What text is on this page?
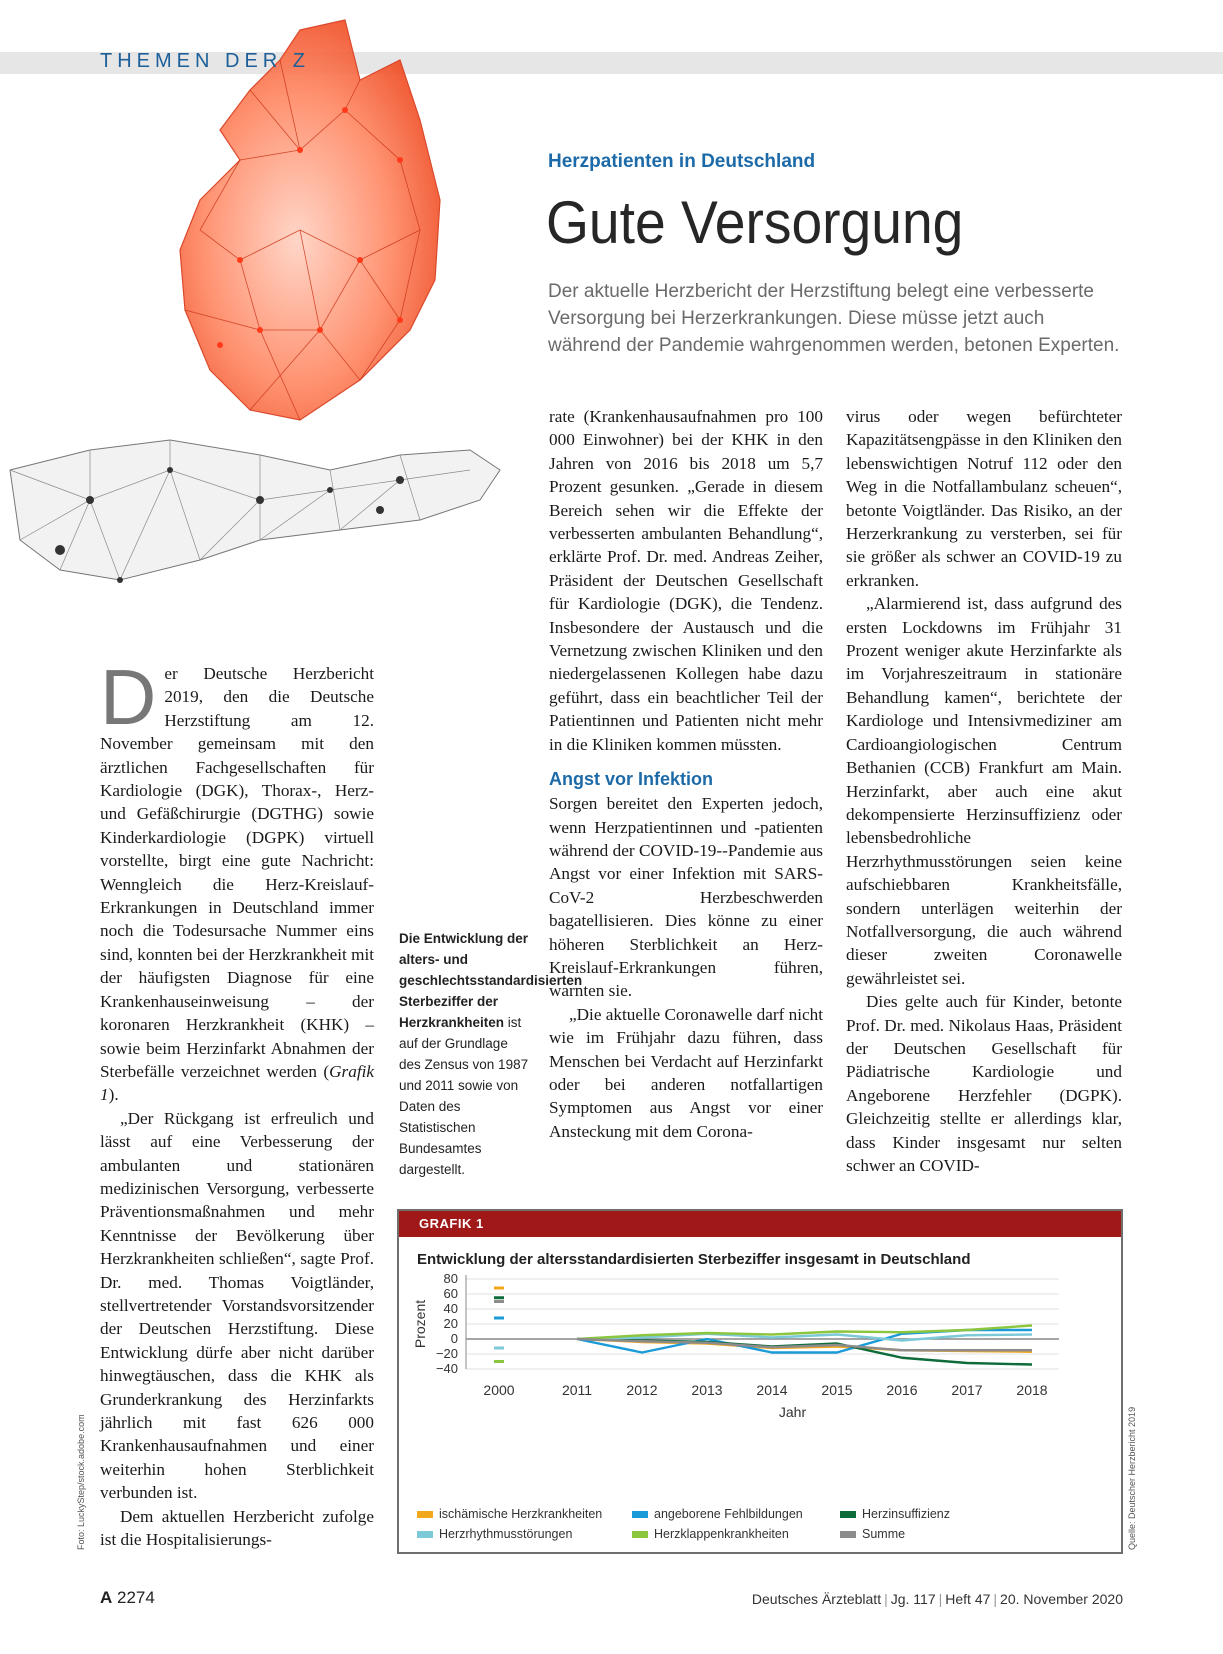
THEMEN DER Z
Herzpatienten in Deutschland
Gute Versorgung
Der aktuelle Herzbericht der Herzstiftung belegt eine verbesserte
Versorgung bei Herzerkrankungen. Diese müsse jetzt auch
während der Pandemie wahrgenommen werden, betonen Experten.

Der Deutsche Herzbericht 2019, den die Deutsche Herzstiftung am 12. November gemeinsam mit den ärztlichen Fachgesellschaften für Kardiologie (DGK), Thorax-, Herz- und Gefäßchirurgie (DGTHG) sowie Kinderkardiologie (DGPK) virtuell vorstellte, birgt eine gute Nachricht: Wenngleich die Herz-Kreislauf-Erkrankungen in Deutschland immer noch die Todesursache Nummer eins sind, konnten bei der Herzkrankheit mit der häufigsten Diagnose für eine Krankenhauseinweisung – der koronaren Herzkrankheit (KHK) – sowie beim Herzinfarkt Abnahmen der Sterbefälle verzeichnet werden (Grafik 1).

„Der Rückgang ist erfreulich und lässt auf eine Verbesserung der ambulanten und stationären medizinischen Versorgung, verbesserte Präventionsmaßnahmen und mehr Kenntnisse der Bevölkerung über Herzkrankheiten schließen“, sagte Prof. Dr. med. Thomas Voigtländer, stellvertretender Vorstandsvorsitzender der Deutschen Herzstiftung. Diese Entwicklung dürfe aber nicht darüber hinwegtäuschen, dass die KHK als Grunderkrankung des Herzinfarkts jährlich mit fast 626 000 Krankenhausaufnahmen und einer weiterhin hohen Sterblichkeit verbunden ist.

Dem aktuellen Herzbericht zufolge ist die Hospitalisierungs-

Die Entwicklung der alters- und geschlechtsstandardisierten Sterbeziffer der Herzkrankheiten ist auf der Grundlage des Zensus von 1987 und 2011 sowie von Daten des Statistischen Bundesamtes dargestellt.

rate (Krankenhausaufnahmen pro 100 000 Einwohner) bei der KHK in den Jahren von 2016 bis 2018 um 5,7 Prozent gesunken. „Gerade in diesem Bereich sehen wir die Effekte der verbesserten ambulanten Behandlung“, erklärte Prof. Dr. med. Andreas Zeiher, Präsident der Deutschen Gesellschaft für Kardiologie (DGK), die Tendenz. Insbesondere der Austausch und die Vernetzung zwischen Kliniken und den niedergelassenen Kollegen habe dazu geführt, dass ein beachtlicher Teil der Patientinnen und Patienten nicht mehr in die Kliniken kommen müssten.

Angst vor Infektion

Sorgen bereitet den Experten jedoch, wenn Herzpatientinnen und -patienten während der COVID-19--Pandemie aus Angst vor einer Infektion mit SARS-CoV-2 Herzbeschwerden bagatellisieren. Dies könne zu einer höheren Sterblichkeit an Herz-Kreislauf-Erkrankungen führen, warnten sie.

„Die aktuelle Coronawelle darf nicht wie im Frühjahr dazu führen, dass Menschen bei Verdacht auf Herzinfarkt oder bei anderen notfallartigen Symptomen aus Angst vor einer Ansteckung mit dem Corona-

virus oder wegen befürchteter Kapazitätsengpässe in den Kliniken den lebenswichtigen Notruf 112 oder den Weg in die Notfallambulanz scheuen“, betonte Voigtländer. Das Risiko, an der Herzerkrankung zu versterben, sei für sie größer als schwer an COVID-19 zu erkranken.

„Alarmierend ist, dass aufgrund des ersten Lockdowns im Frühjahr 31 Prozent weniger akute Herzinfarkte als im Vorjahreszeitraum in stationäre Behandlung kamen“, berichtete der Kardiologe und Intensivmediziner am Cardioangiologischen Centrum Bethanien (CCB) Frankfurt am Main. Herzinfarkt, aber auch eine akut dekompensierte Herzinsuffizienz oder lebensbedrohliche Herzrhythmusstörungen seien keine aufschiebbaren Krankheitsfälle, sondern unterlägen weiterhin der Notfallversorgung, die auch während dieser zweiten Coronawelle gewährleistet sei.

Dies gelte auch für Kinder, betonte Prof. Dr. med. Nikolaus Haas, Präsident der Deutschen Gesellschaft für Pädiatrische Kardiologie und Angeborene Herzfehler (DGPK). Gleichzeitig stellte er allerdings klar, dass Kinder insgesamt nur selten schwer an COVID-

Foto: LuckyStep/stock.adobe.com	Quelle: Deutscher Herzbericht 2019
GRAFIK 1
Entwicklung der altersstandardisierten Sterbeziffer insgesamt in Deutschland
80
60
40
20
0
−20
−40
Prozent
2000	2011 2012 2013 2014 2015 2016 2017 2018
Jahr
ischämische Herzkrankheiten	angeborene Fehlbildungen	Herzinsuffizienz
Herzrhythmusstörungen	Herzklappenkrankheiten	Summe
A 2274	Deutsches Ärzteblatt | Jg. 117 | Heft 47 | 20. November 2020
